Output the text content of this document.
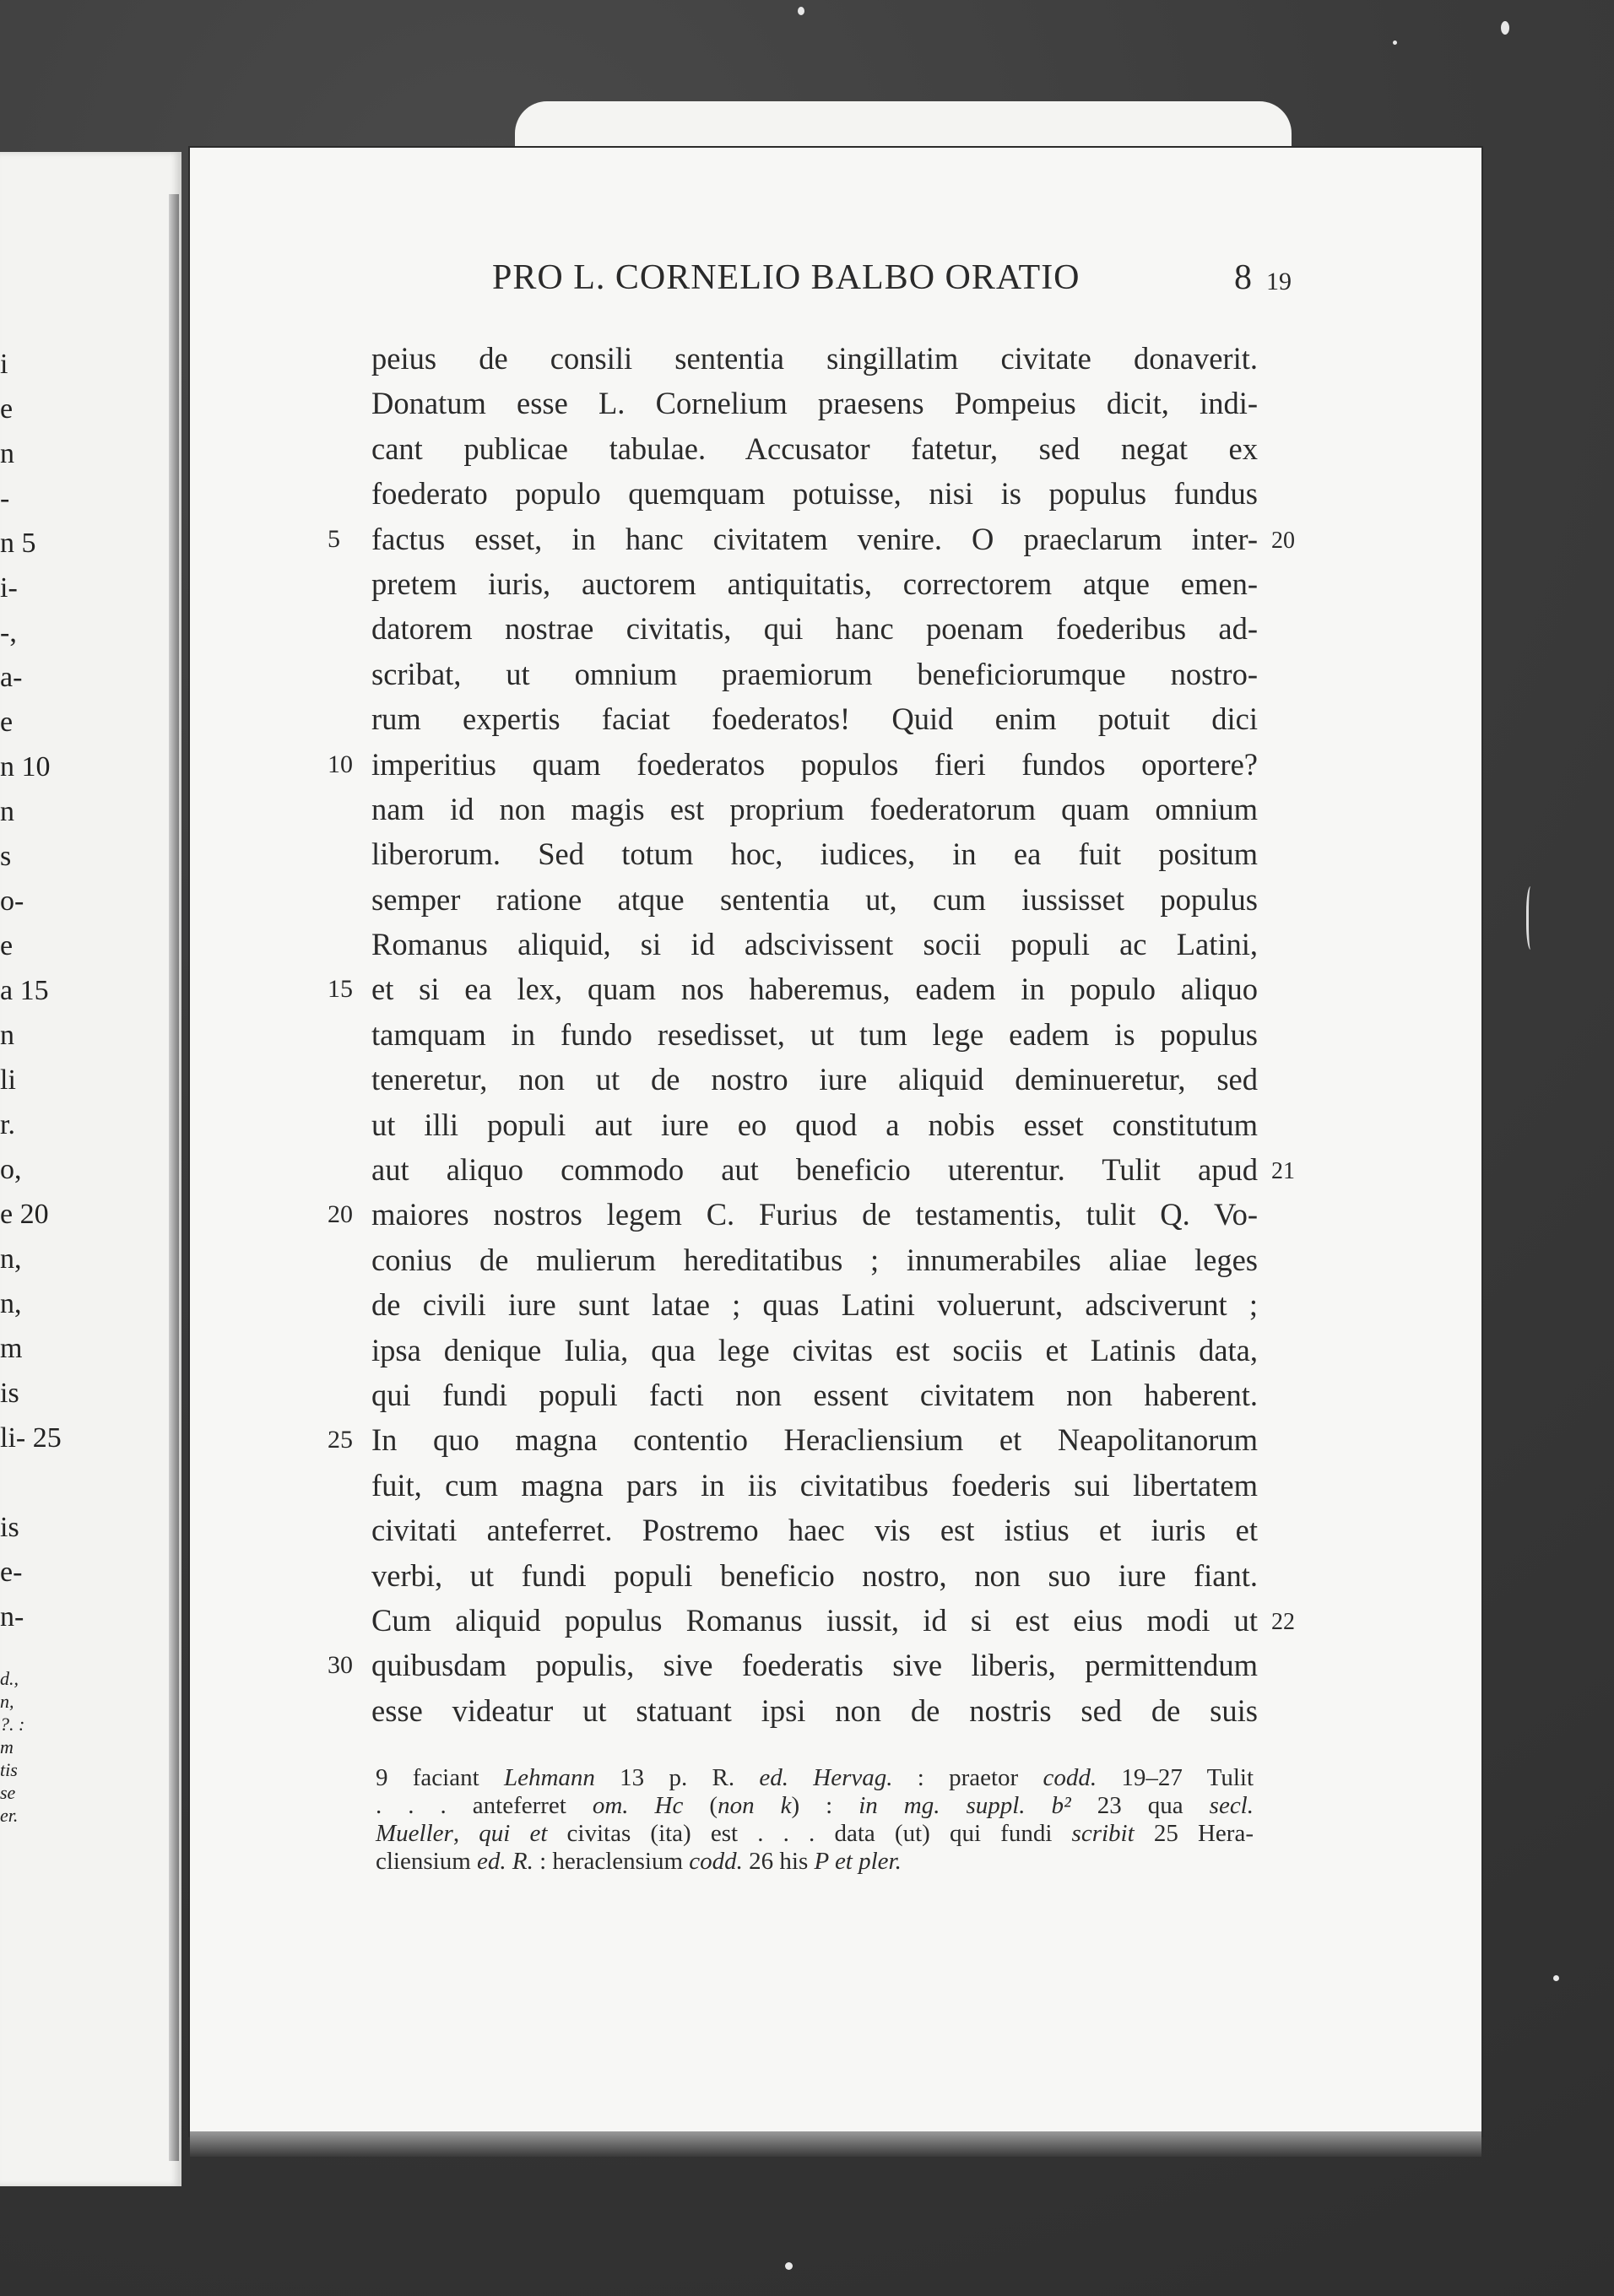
i
e
n
-
n 5
i-
-,
a-
e
n 10
n
s
o-
e
a 15
n
li
r.
o,
e 20
n,
n,
m
is
li- 25
is
e-
n-
d.,
n,
?. :
m
tis
se
er.
PRO L. CORNELIO BALBO ORATIO	8 19
peius de consili sententia singillatim civitate donaverit.
Donatum esse L. Cornelium praesens Pompeius dicit, indi-
cant publicae tabulae. Accusator fatetur, sed negat ex
foederato populo quemquam potuisse, nisi is populus fundus
5 factus esset, in hanc civitatem venire. O praeclarum inter- 20
pretem iuris, auctorem antiquitatis, correctorem atque emen-
datorem nostrae civitatis, qui hanc poenam foederibus ad-
scribat, ut omnium praemiorum beneficiorumque nostro-
rum expertis faciat foederatos! Quid enim potuit dici
10 imperitius quam foederatos populos fieri fundos oportere?
nam id non magis est proprium foederatorum quam omnium
liberorum. Sed totum hoc, iudices, in ea fuit positum
semper ratione atque sententia ut, cum iussisset populus
Romanus aliquid, si id adscivissent socii populi ac Latini,
15 et si ea lex, quam nos haberemus, eadem in populo aliquo
tamquam in fundo resedisset, ut tum lege eadem is populus
teneretur, non ut de nostro iure aliquid deminueretur, sed
ut illi populi aut iure eo quod a nobis esset constitutum
aut aliquo commodo aut beneficio uterentur. Tulit apud 21
20 maiores nostros legem C. Furius de testamentis, tulit Q. Vo-
conius de mulierum hereditatibus ; innumerabiles aliae leges
de civili iure sunt latae ; quas Latini voluerunt, adsciverunt ;
ipsa denique Iulia, qua lege civitas est sociis et Latinis data,
qui fundi populi facti non essent civitatem non haberent.
25 In quo magna contentio Heracliensium et Neapolitanorum
fuit, cum magna pars in iis civitatibus foederis sui libertatem
civitati anteferret. Postremo haec vis est istius et iuris et
verbi, ut fundi populi beneficio nostro, non suo iure fiant.
Cum aliquid populus Romanus iussit, id si est eius modi ut 22
30 quibusdam populis, sive foederatis sive liberis, permittendum
esse videatur ut statuant ipsi non de nostris sed de suis
9 faciant Lehmann 13 p. R. ed. Hervag. : praetor codd. 19–27 Tulit
. . . anteferret om. Hc (non k) : in mg. suppl. b² 23 qua secl.
Mueller, qui et civitas (ita) est . . . data (ut) qui fundi scribit 25 Hera-
cliensium ed. R. : heraclensium codd. 26 his P et pler.
